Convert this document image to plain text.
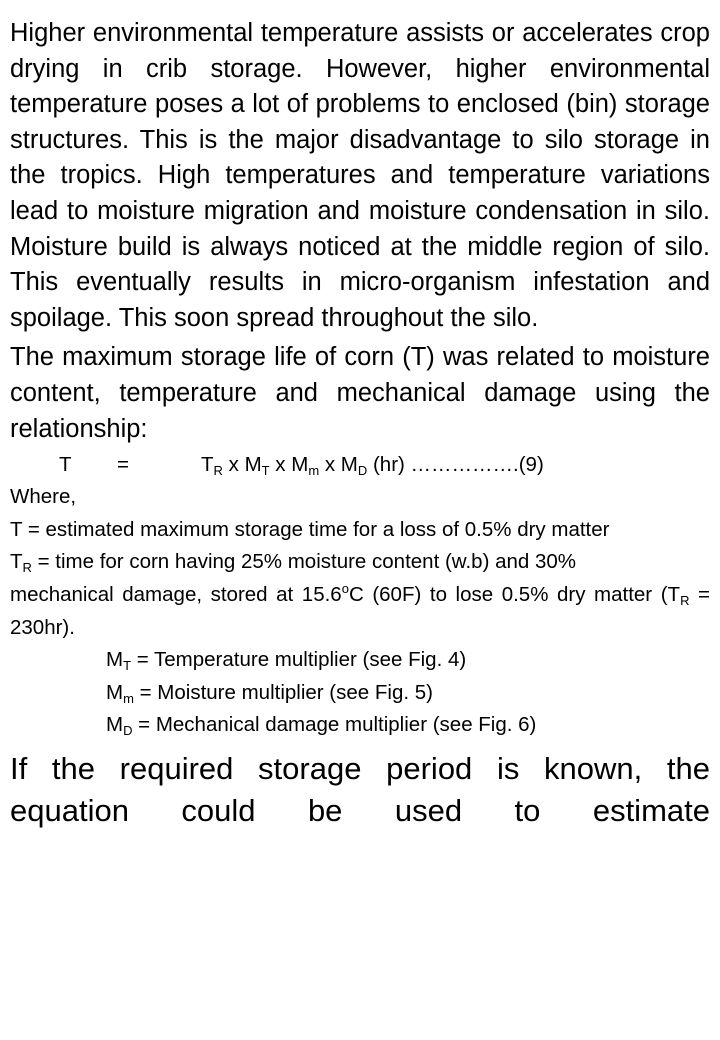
Higher environmental temperature assists or accelerates crop drying in crib storage. However, higher environmental temperature poses a lot of problems to enclosed (bin) storage structures. This is the major disadvantage to silo storage in the tropics. High temperatures and temperature variations lead to moisture migration and moisture condensation in silo. Moisture build is always noticed at the middle region of silo. This eventually results in micro-organism infestation and spoilage. This soon spread throughout the silo.

The maximum storage life of corn (T) was related to moisture content, temperature and mechanical damage using the relationship:

T =	$T_R$ x $M_T$ x $M_m$ x $M_D$ (hr) …………….(9)

Where,

T = estimated maximum storage time for a loss of 0.5% dry matter

$T_R$ = time for corn having 25% moisture content (w.b) and 30%

mechanical damage, stored at 15.6$^o$C (60F) to lose 0.5% dry matter $(T_R = 230hr)$.

$M_T$ = Temperature multiplier (see Fig. 4)

$M_m$ = Moisture multiplier (see Fig. 5)

$M_D$ = Mechanical damage multiplier (see Fig. 6)

If the required storage period is known, the equation could be used to estimate
